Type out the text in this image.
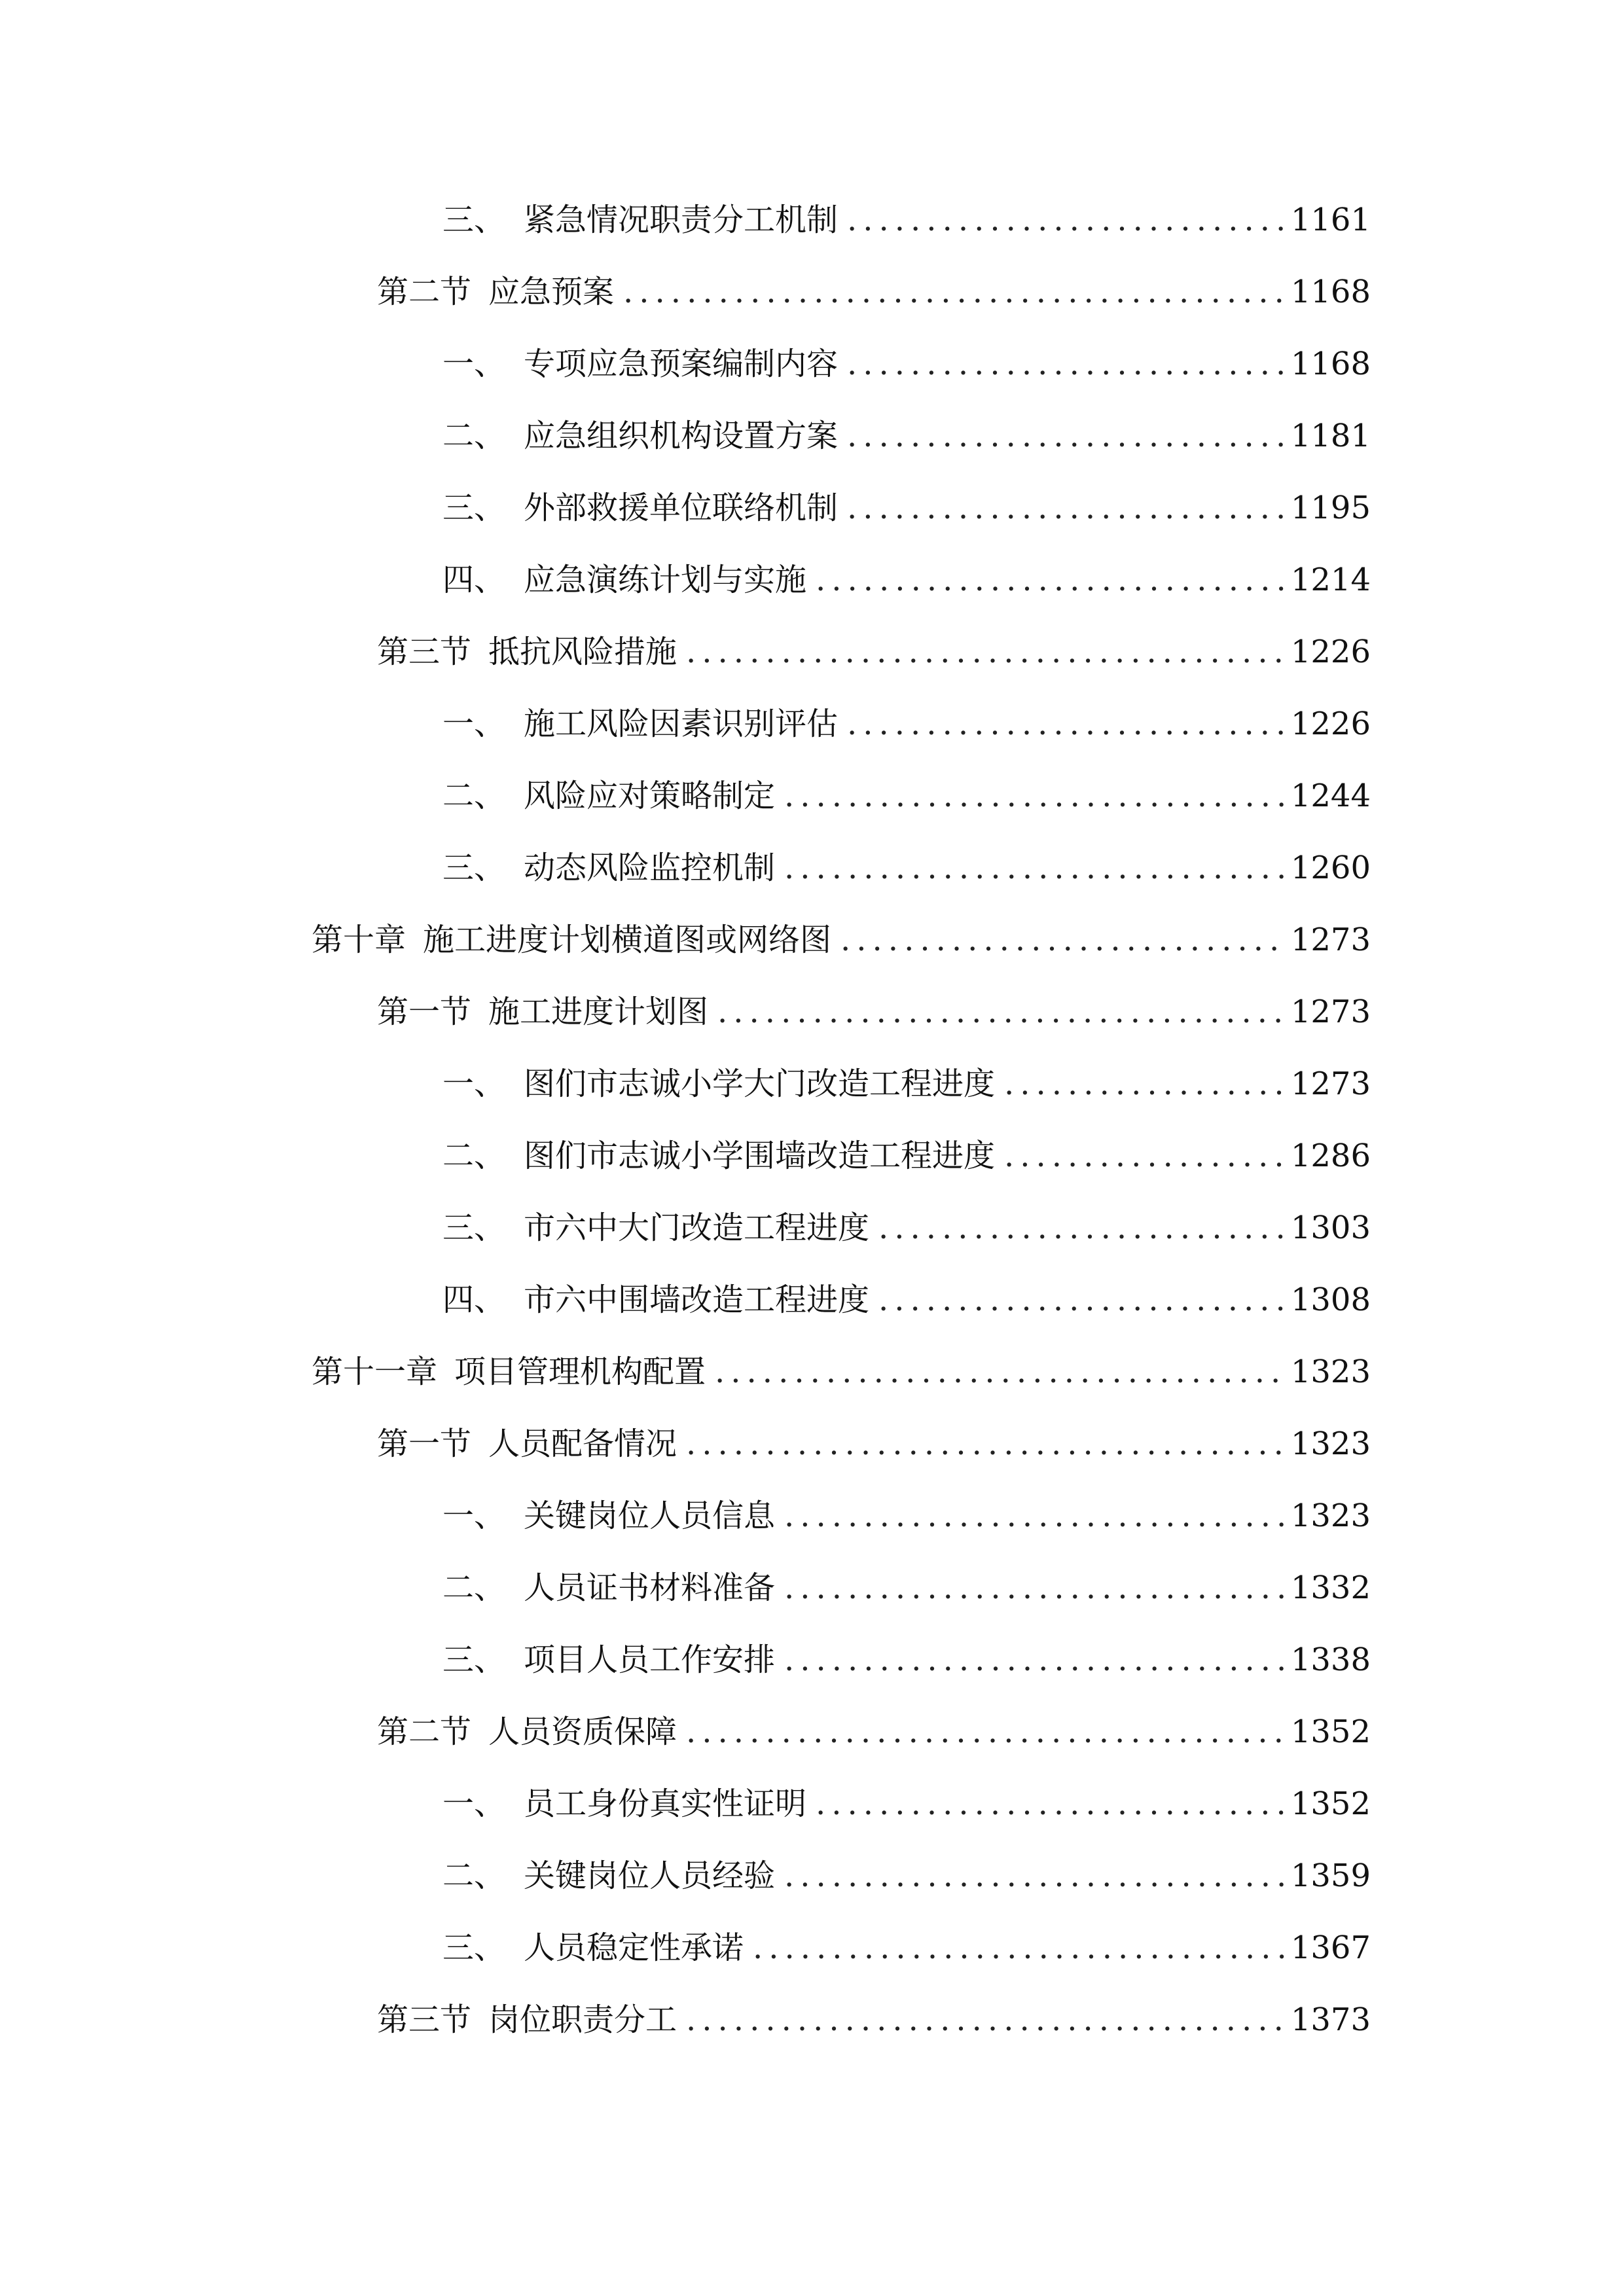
三、 紧急情况职责分工机制 .....	1161
第二节 应急预案 .....	1168
一、 专项应急预案编制内容 .....	1168
二、 应急组织机构设置方案 .....	1181
三、 外部救援单位联络机制 .....	1195
四、 应急演练计划与实施 .....	1214
第三节 抵抗风险措施 .....	1226
一、 施工风险因素识别评估 .....	1226
二、 风险应对策略制定 .....	1244
三、 动态风险监控机制 .....	1260
第十章 施工进度计划横道图或网络图 .....	1273
第一节 施工进度计划图 .....	1273
一、 图们市志诚小学大门改造工程进度 .....	1273
二、 图们市志诚小学围墙改造工程进度 .....	1286
三、 市六中大门改造工程进度 .....	1303
四、 市六中围墙改造工程进度 .....	1308
第十一章 项目管理机构配置 .....	1323
第一节 人员配备情况 .....	1323
一、 关键岗位人员信息 .....	1323
二、 人员证书材料准备 .....	1332
三、 项目人员工作安排 .....	1338
第二节 人员资质保障 .....	1352
一、 员工身份真实性证明 .....	1352
二、 关键岗位人员经验 .....	1359
三、 人员稳定性承诺 .....	1367
第三节 岗位职责分工 .....	1373
